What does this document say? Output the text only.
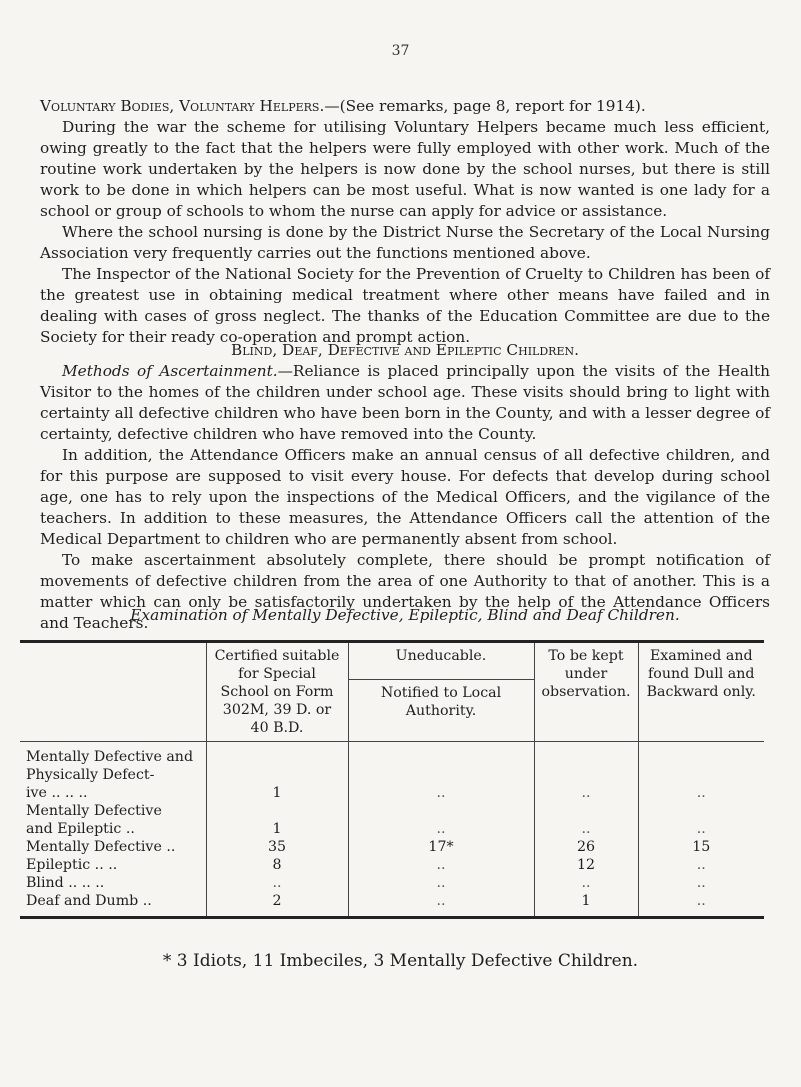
37

Voluntary Bodies, Voluntary Helpers.—(See remarks, page 8, report for 1914).

During the war the scheme for utilising Voluntary Helpers became much less efficient, owing greatly to the fact that the helpers were fully employed with other work. Much of the routine work undertaken by the helpers is now done by the school nurses, but there is still work to be done in which helpers can be most useful. What is now wanted is one lady for a school or group of schools to whom the nurse can apply for advice or assistance.

Where the school nursing is done by the District Nurse the Secretary of the Local Nursing Association very frequently carries out the functions mentioned above.

The Inspector of the National Society for the Prevention of Cruelty to Children has been of the greatest use in obtaining medical treatment where other means have failed and in dealing with cases of gross neglect. The thanks of the Education Committee are due to the Society for their ready co-operation and prompt action.

Blind, Deaf, Defective and Epileptic Children.

Methods of Ascertainment.—Reliance is placed principally upon the visits of the Health Visitor to the homes of the children under school age. These visits should bring to light with certainty all defective children who have been born in the County, and with a lesser degree of certainty, defective children who have removed into the County.

In addition, the Attendance Officers make an annual census of all defective children, and for this purpose are supposed to visit every house. For defects that develop during school age, one has to rely upon the inspections of the Medical Officers, and the vigilance of the teachers. In addition to these measures, the Attendance Officers call the attention of the Medical Department to children who are permanently absent from school.

To make ascertainment absolutely complete, there should be prompt notification of movements of defective children from the area of one Authority to that of another. This is a matter which can only be satisfactorily undertaken by the help of the Attendance Officers and Teachers.

Examination of Mentally Defective, Epileptic, Blind and Deaf Children.
	Certified suitable for Special School on Form 302M, 39 D. or 40 B.D.	Uneducable.	To be kept under observation.	Examined and found Dull and Backward only.
		Notified to Local Authority.		

Mentally Defective and
Physically Defect-
ive .. .. ..	1	..	..	..

Mentally Defective
and Epileptic ..	1	..	..	..

Mentally Defective ..	35	17*	26	15

Epileptic .. ..	8	..	12	..

Blind .. .. ..	..	..	..	..

Deaf and Dumb ..	2	..	1	..
* 3 Idiots, 11 Imbeciles, 3 Mentally Defective Children.
